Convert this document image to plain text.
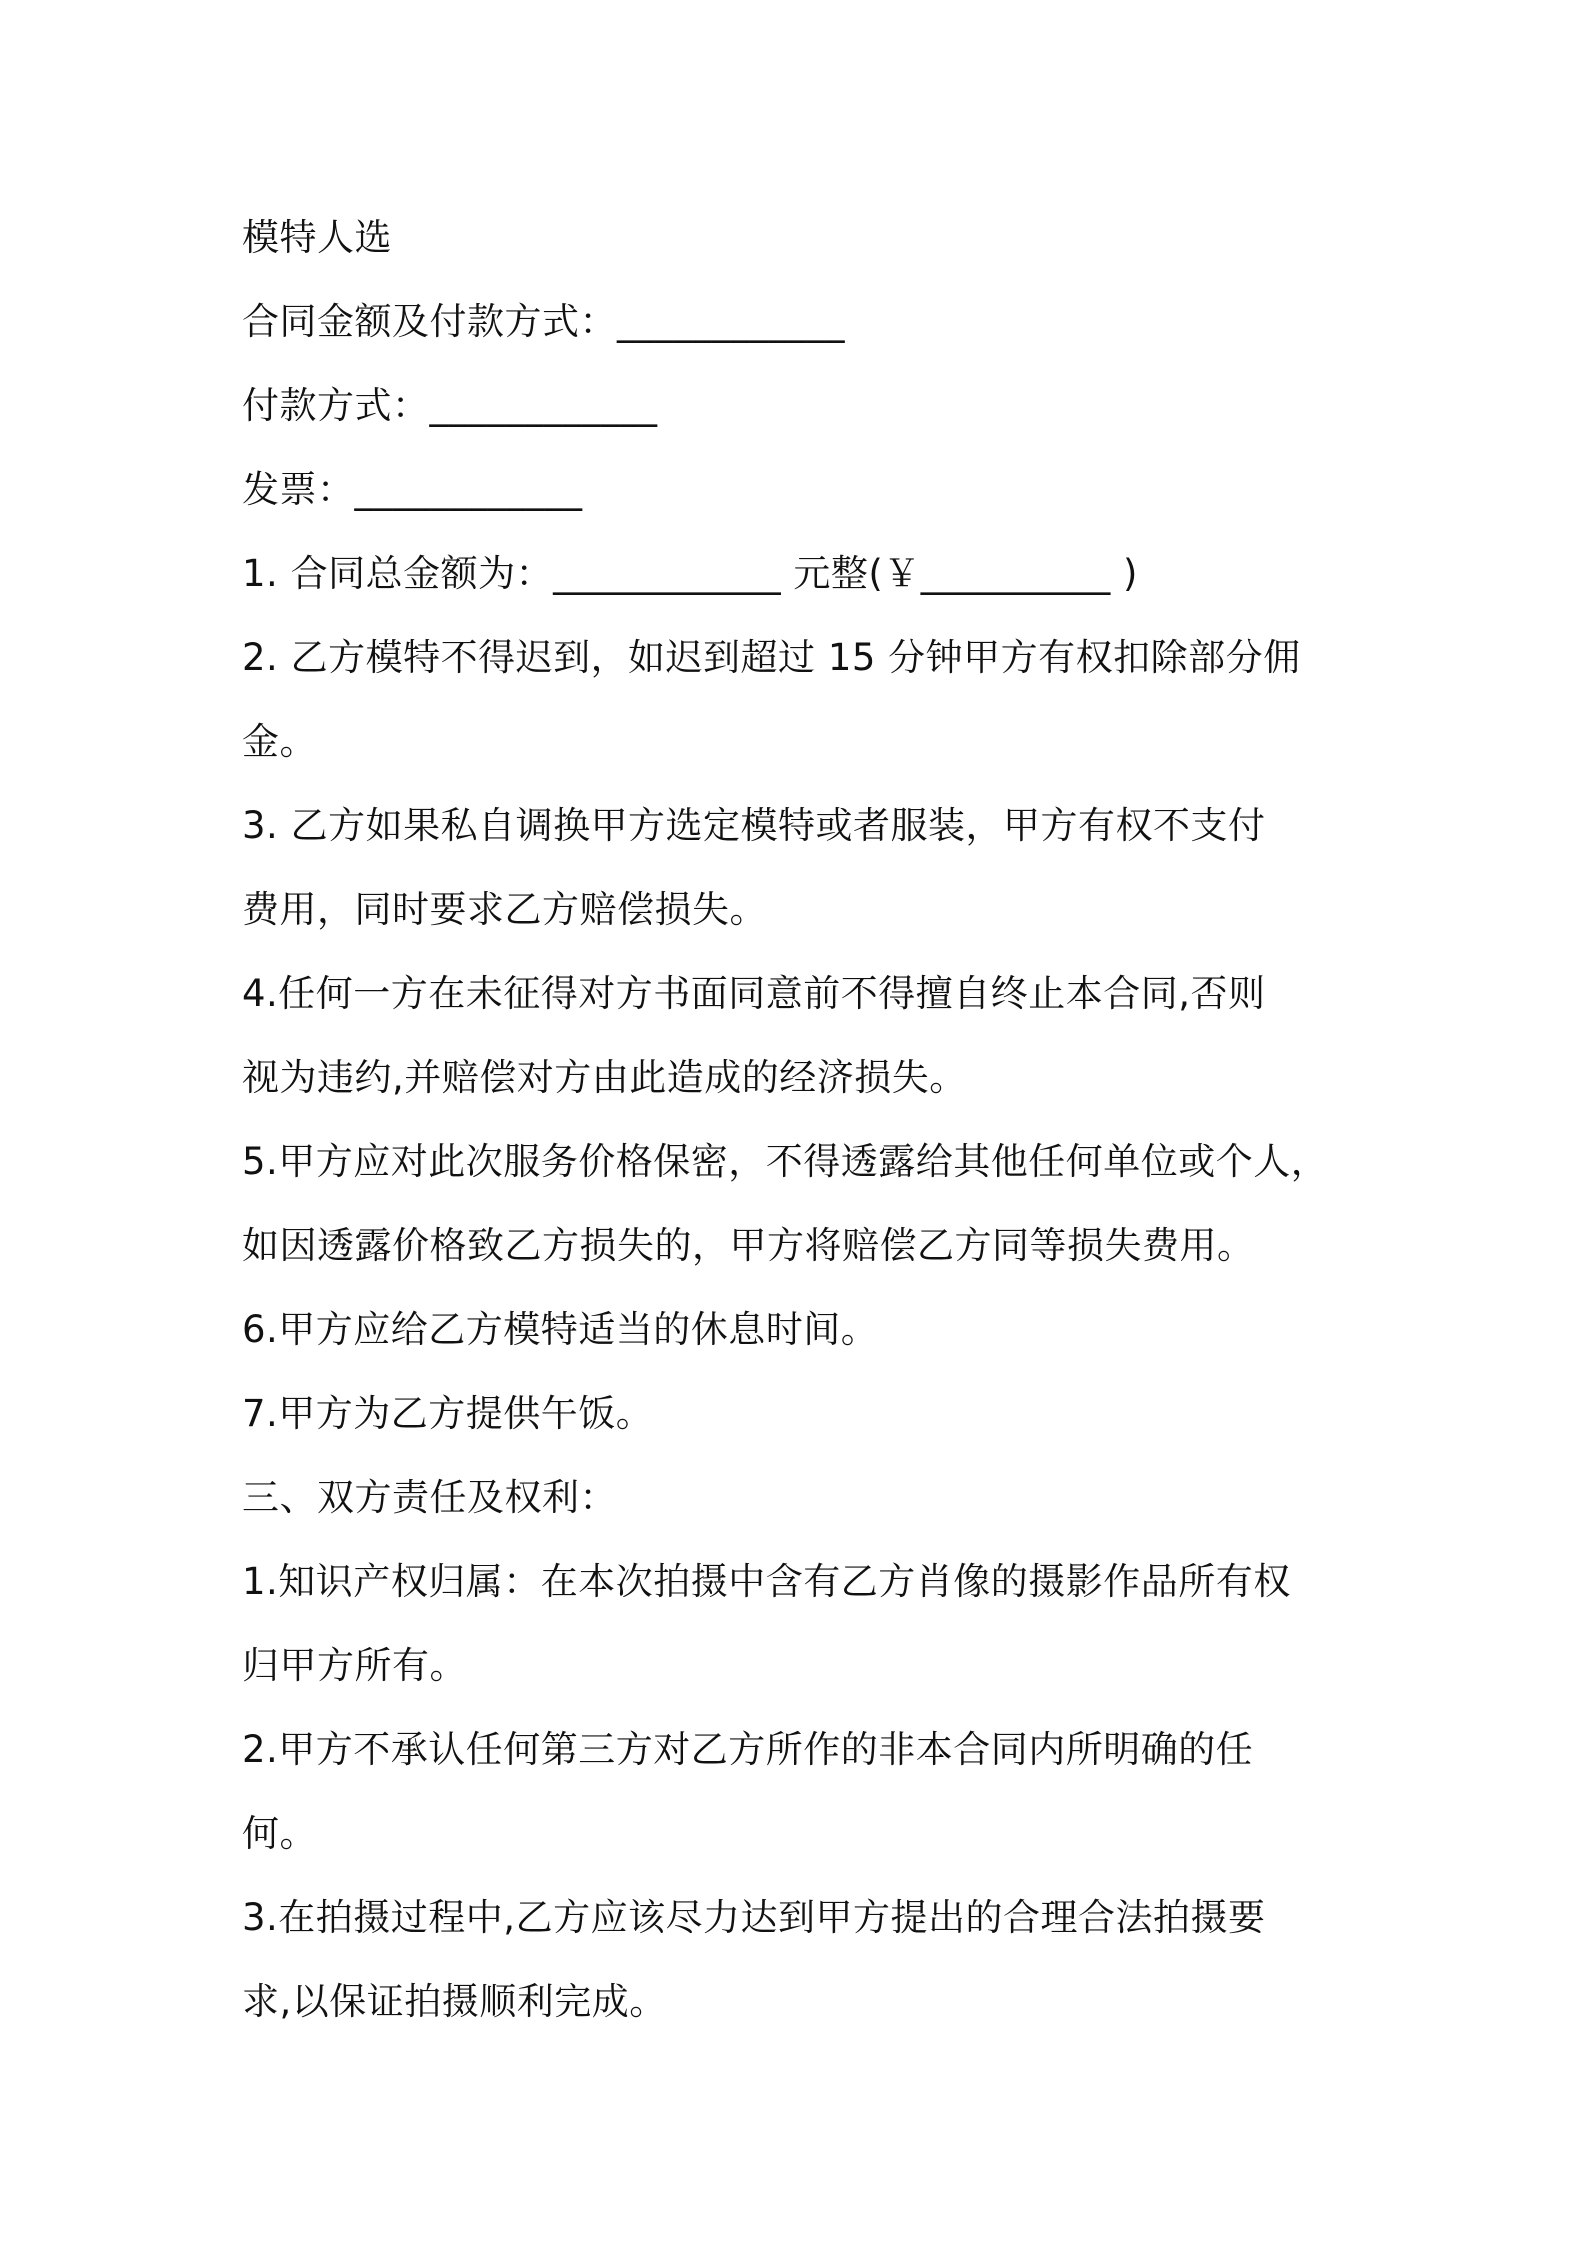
模特人选
合同金额及付款方式：____________
付款方式：____________
发票：____________
1. 合同总金额为：____________ 元整(￥__________ )
2. 乙方模特不得迟到，如迟到超过 15 分钟甲方有权扣除部分佣
金。
3. 乙方如果私自调换甲方选定模特或者服装，甲方有权不支付
费用，同时要求乙方赔偿损失。
4.任何一方在未征得对方书面同意前不得擅自终止本合同,否则
视为违约,并赔偿对方由此造成的经济损失。
5.甲方应对此次服务价格保密，不得透露给其他任何单位或个人，
如因透露价格致乙方损失的，甲方将赔偿乙方同等损失费用。
6.甲方应给乙方模特适当的休息时间。
7.甲方为乙方提供午饭。
三、双方责任及权利：
1.知识产权归属：在本次拍摄中含有乙方肖像的摄影作品所有权
归甲方所有。
2.甲方不承认任何第三方对乙方所作的非本合同内所明确的任
何。
3.在拍摄过程中,乙方应该尽力达到甲方提出的合理合法拍摄要
求,以保证拍摄顺利完成。
